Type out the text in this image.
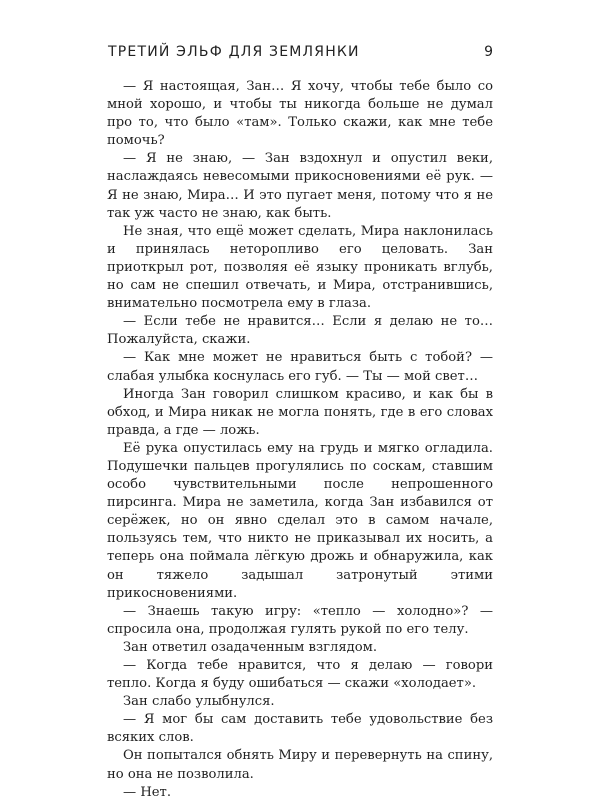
ТРЕТИЙ ЭЛЬФ ДЛЯ ЗЕМЛЯНКИ	9

— Я настоящая, Зан… Я хочу, чтобы тебе было со мной хорошо, и чтобы ты никогда больше не думал про то, что было «там». Только скажи, как мне тебе помочь?

— Я не знаю, — Зан вздохнул и опустил веки, наслаждаясь невесомыми прикосновениями её рук. — Я не знаю, Мира… И это пугает меня, потому что я не так уж часто не знаю, как быть.

Не зная, что ещё может сделать, Мира наклонилась и принялась неторопливо его целовать. Зан приоткрыл рот, позволяя её языку проникать вглубь, но сам не спешил отвечать, и Мира, отстранившись, внимательно посмотрела ему в глаза.

— Если тебе не нравится… Если я делаю не то… Пожалуйста, скажи.

— Как мне может не нравиться быть с тобой? — слабая улыбка коснулась его губ. — Ты — мой свет…

Иногда Зан говорил слишком красиво, и как бы в обход, и Мира никак не могла понять, где в его словах правда, а где — ложь.

Её рука опустилась ему на грудь и мягко огладила. Подушечки пальцев прогулялись по соскам, ставшим особо чувствительными после непрошенного пирсинга. Мира не заметила, когда Зан избавился от серёжек, но он явно сделал это в самом начале, пользуясь тем, что никто не приказывал их носить, а теперь она поймала лёгкую дрожь и обнаружила, как он тяжело задышал затронутый этими прикосновениями.

— Знаешь такую игру: «тепло — холодно»? — спросила она, продолжая гулять рукой по его телу.

Зан ответил озадаченным взглядом.

— Когда тебе нравится, что я делаю — говори тепло. Когда я буду ошибаться — скажи «холодает».

Зан слабо улыбнулся.

— Я мог бы сам доставить тебе удовольствие без всяких слов.

Он попытался обнять Миру и перевернуть на спину, но она не позволила.

— Нет.
